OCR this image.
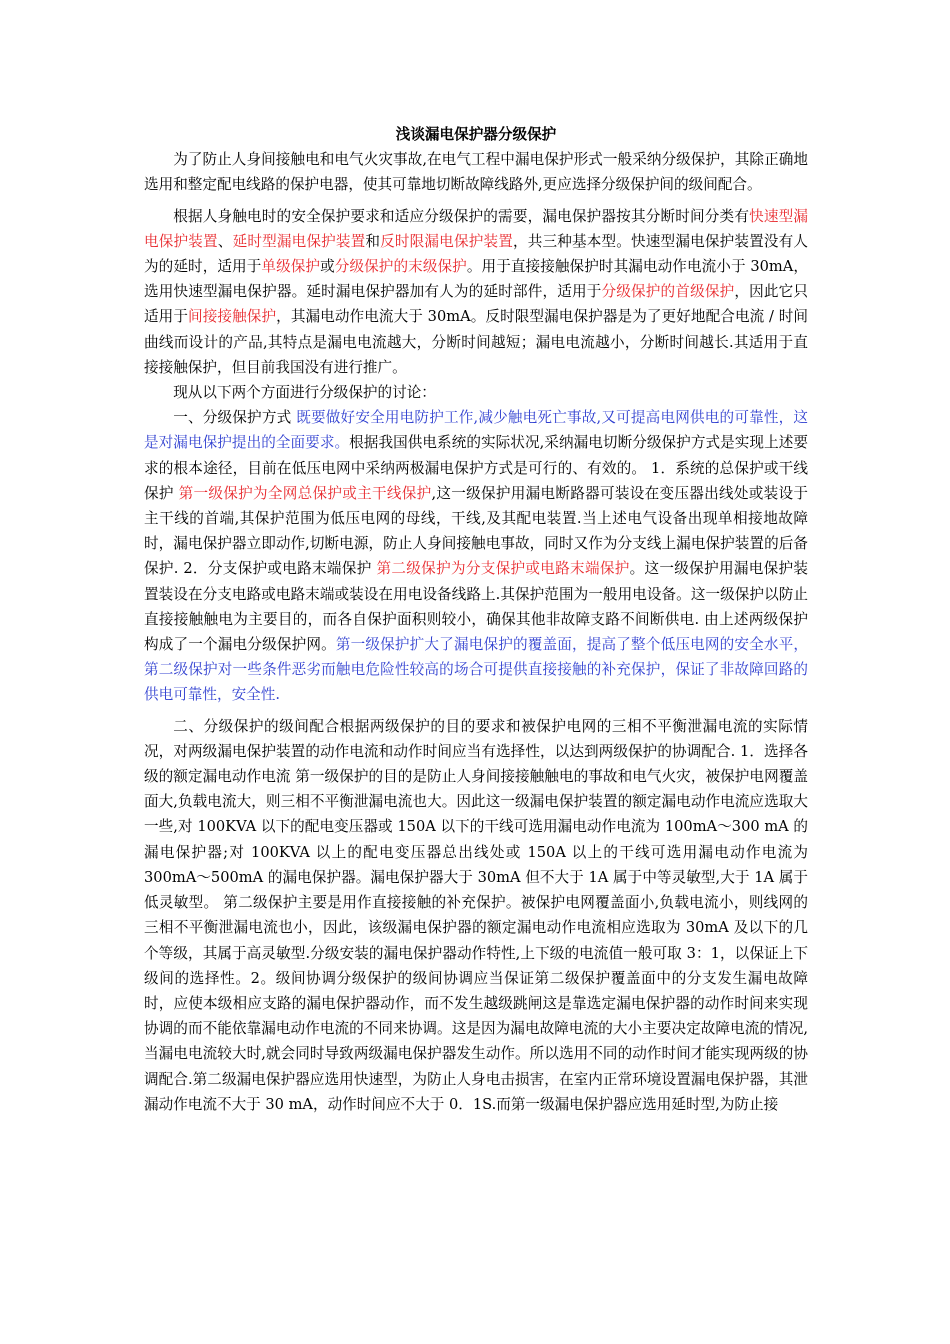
浅谈漏电保护器分级保护

为了防止人身间接触电和电气火灾事故,在电气工程中漏电保护形式一般采纳分级保护，其除正确地选用和整定配电线路的保护电器，使其可靠地切断故障线路外,更应选择分级保护间的级间配合。

根据人身触电时的安全保护要求和适应分级保护的需要，漏电保护器按其分断时间分类有快速型漏电保护装置、延时型漏电保护装置和反时限漏电保护装置，共三种基本型。快速型漏电保护装置没有人为的延时，适用于单级保护或分级保护的末级保护。用于直接接触保护时其漏电动作电流小于 30mA，选用快速型漏电保护器。延时漏电保护器加有人为的延时部件，适用于分级保护的首级保护，因此它只适用于间接接触保护，其漏电动作电流大于 30mA。反时限型漏电保护器是为了更好地配合电流 / 时间曲线而设计的产品,其特点是漏电电流越大，分断时间越短；漏电电流越小，分断时间越长.其适用于直接接触保护，但目前我国没有进行推广。

现从以下两个方面进行分级保护的讨论：

一、分级保护方式 既要做好安全用电防护工作,减少触电死亡事故,又可提高电网供电的可靠性，这是对漏电保护提出的全面要求。根据我国供电系统的实际状况,采纳漏电切断分级保护方式是实现上述要求的根本途径，目前在低压电网中采纳两极漏电保护方式是可行的、有效的。 1．系统的总保护或干线保护 第一级保护为全网总保护或主干线保护,这一级保护用漏电断路器可装设在变压器出线处或装设于主干线的首端,其保护范围为低压电网的母线，干线,及其配电装置.当上述电气设备出现单相接地故障时，漏电保护器立即动作,切断电源，防止人身间接触电事故，同时又作为分支线上漏电保护装置的后备保护. 2．分支保护或电路末端保护 第二级保护为分支保护或电路末端保护。这一级保护用漏电保护装置装设在分支电路或电路末端或装设在用电设备线路上.其保护范围为一般用电设备。这一级保护以防止直接接触触电为主要目的，而各自保护面积则较小，确保其他非故障支路不间断供电. 由上述两级保护构成了一个漏电分级保护网。第一级保护扩大了漏电保护的覆盖面，提高了整个低压电网的安全水平，第二级保护对一些条件恶劣而触电危险性较高的场合可提供直接接触的补充保护，保证了非故障回路的供电可靠性，安全性.

二、分级保护的级间配合根据两级保护的目的要求和被保护电网的三相不平衡泄漏电流的实际情况，对两级漏电保护装置的动作电流和动作时间应当有选择性，以达到两级保护的协调配合. 1．选择各级的额定漏电动作电流 第一级保护的目的是防止人身间接接触触电的事故和电气火灾，被保护电网覆盖面大,负载电流大，则三相不平衡泄漏电流也大。因此这一级漏电保护装置的额定漏电动作电流应选取大一些,对 100KVA 以下的配电变压器或 150A 以下的干线可选用漏电动作电流为 100mA～300 mA 的漏电保护器;对 100KVA 以上的配电变压器总出线处或 150A 以上的干线可选用漏电动作电流为 300mA～500mA 的漏电保护器。漏电保护器大于 30mA 但不大于 1A 属于中等灵敏型,大于 1A 属于低灵敏型。 第二级保护主要是用作直接接触的补充保护。被保护电网覆盖面小,负载电流小，则线网的三相不平衡泄漏电流也小，因此，该级漏电保护器的额定漏电动作电流相应选取为 30mA 及以下的几个等级，其属于高灵敏型.分级安装的漏电保护器动作特性,上下级的电流值一般可取 3：1，以保证上下级间的选择性。2。级间协调分级保护的级间协调应当保证第二级保护覆盖面中的分支发生漏电故障时，应使本级相应支路的漏电保护器动作，而不发生越级跳闸这是靠选定漏电保护器的动作时间来实现协调的而不能依靠漏电动作电流的不同来协调。这是因为漏电故障电流的大小主要决定故障电流的情况,当漏电电流较大时,就会同时导致两级漏电保护器发生动作。所以选用不同的动作时间才能实现两级的协调配合.第二级漏电保护器应选用快速型，为防止人身电击损害，在室内正常环境设置漏电保护器，其泄漏动作电流不大于 30 mA，动作时间应不大于 0．1S.而第一级漏电保护器应选用延时型,为防止接
